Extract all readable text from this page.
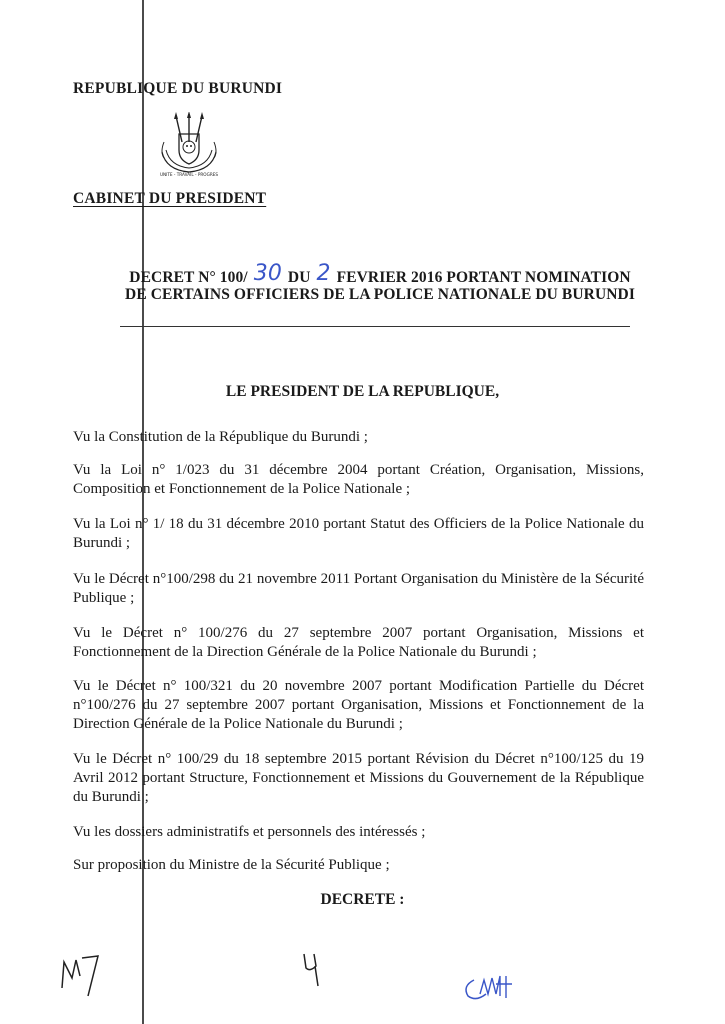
REPUBLIQUE DU BURUNDI
UNITE - TRAVAIL - PROGRES
CABINET DU PRESIDENT
DECRET N° 100/ 30 DU 2 FEVRIER 2016 PORTANT NOMINATION
DE CERTAINS OFFICIERS DE LA POLICE NATIONALE DU BURUNDI
LE PRESIDENT DE LA REPUBLIQUE,
Vu la Constitution de la République du Burundi ;
Vu la Loi n° 1/023 du 31 décembre 2004 portant Création, Organisation, Missions, Composition et Fonctionnement de la Police Nationale ;
Vu la Loi n° 1/ 18 du 31 décembre 2010 portant Statut des Officiers de la Police Nationale du Burundi ;
Vu le Décret n°100/298 du 21 novembre 2011 Portant Organisation du Ministère de la Sécurité Publique ;
Vu le Décret n° 100/276 du 27 septembre 2007 portant Organisation, Missions et Fonctionnement de la Direction Générale de la Police Nationale du Burundi ;
Vu le Décret n° 100/321 du 20 novembre 2007 portant Modification Partielle du Décret n°100/276 du 27 septembre 2007 portant Organisation, Missions et Fonctionnement de la Direction Générale de la Police Nationale du Burundi ;
Vu le Décret n° 100/29 du 18 septembre 2015 portant Révision du Décret n°100/125 du 19 Avril 2012 portant Structure, Fonctionnement et Missions du Gouvernement de la République du Burundi ;
Vu les dossiers administratifs et personnels des intéressés ;
Sur proposition du Ministre de la Sécurité Publique ;
DECRETE :
